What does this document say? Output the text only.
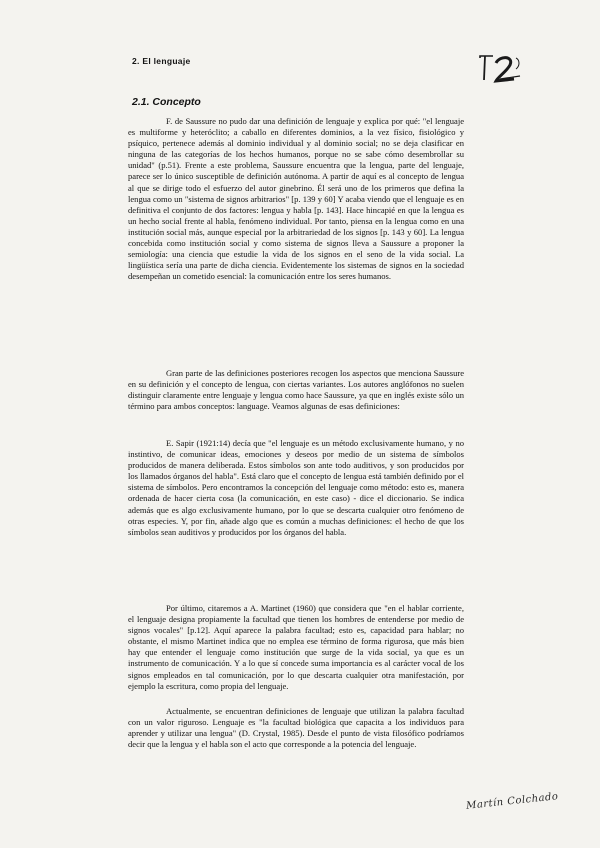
2. El lenguaje
2.1. Concepto

F. de Saussure no pudo dar una definición de lenguaje y explica por qué: "el lenguaje es multiforme y heteróclito; a caballo en diferentes dominios, a la vez físico, fisiológico y psíquico, pertenece además al dominio individual y al dominio social; no se deja clasificar en ninguna de las categorías de los hechos humanos, porque no se sabe cómo desembrollar su unidad" (p.51). Frente a este problema, Saussure encuentra que la lengua, parte del lenguaje, parece ser lo único susceptible de definición autónoma. A partir de aquí es al concepto de lengua al que se dirige todo el esfuerzo del autor ginebrino. Él será uno de los primeros que defina la lengua como un "sistema de signos arbitrarios" [p. 139 y 60] Y acaba viendo que el lenguaje es en definitiva el conjunto de dos factores: lengua y habla [p. 143]. Hace hincapié en que la lengua es un hecho social frente al habla, fenómeno individual. Por tanto, piensa en la lengua como en una institución social más, aunque especial por la arbitrariedad de los signos [p. 143 y 60]. La lengua concebida como institución social y como sistema de signos lleva a Saussure a proponer la semiología: una ciencia que estudie la vida de los signos en el seno de la vida social. La lingüística sería una parte de dicha ciencia. Evidentemente los sistemas de signos en la sociedad desempeñan un cometido esencial: la comunicación entre los seres humanos.

Gran parte de las definiciones posteriores recogen los aspectos que menciona Saussure en su definición y el concepto de lengua, con ciertas variantes. Los autores anglófonos no suelen distinguir claramente entre lenguaje y lengua como hace Saussure, ya que en inglés existe sólo un término para ambos conceptos: language. Veamos algunas de esas definiciones:

E. Sapir (1921:14) decía que "el lenguaje es un método exclusivamente humano, y no instintivo, de comunicar ideas, emociones y deseos por medio de un sistema de símbolos producidos de manera deliberada. Estos símbolos son ante todo auditivos, y son producidos por los llamados órganos del habla". Está claro que el concepto de lengua está también definido por el sistema de símbolos. Pero encontramos la concepción del lenguaje como método: esto es, manera ordenada de hacer cierta cosa (la comunicación, en este caso) - dice el diccionario. Se indica además que es algo exclusivamente humano, por lo que se descarta cualquier otro fenómeno de otras especies. Y, por fin, añade algo que es común a muchas definiciones: el hecho de que los símbolos sean auditivos y producidos por los órganos del habla.

Por último, citaremos a A. Martinet (1960) que considera que "en el hablar corriente, el lenguaje designa propiamente la facultad que tienen los hombres de entenderse por medio de signos vocales" [p.12]. Aquí aparece la palabra facultad; esto es, capacidad para hablar; no obstante, el mismo Martinet indica que no emplea ese término de forma rigurosa, que más bien hay que entender el lenguaje como institución que surge de la vida social, ya que es un instrumento de comunicación. Y a lo que sí concede suma importancia es al carácter vocal de los signos empleados en tal comunicación, por lo que descarta cualquier otra manifestación, por ejemplo la escritura, como propia del lenguaje.

Actualmente, se encuentran definiciones de lenguaje que utilizan la palabra facultad con un valor riguroso. Lenguaje es "la facultad biológica que capacita a los individuos para aprender y utilizar una lengua" (D. Crystal, 1985). Desde el punto de vista filosófico podríamos decir que la lengua y el habla son el acto que corresponde a la potencia del lenguaje.

Martín Colchado
